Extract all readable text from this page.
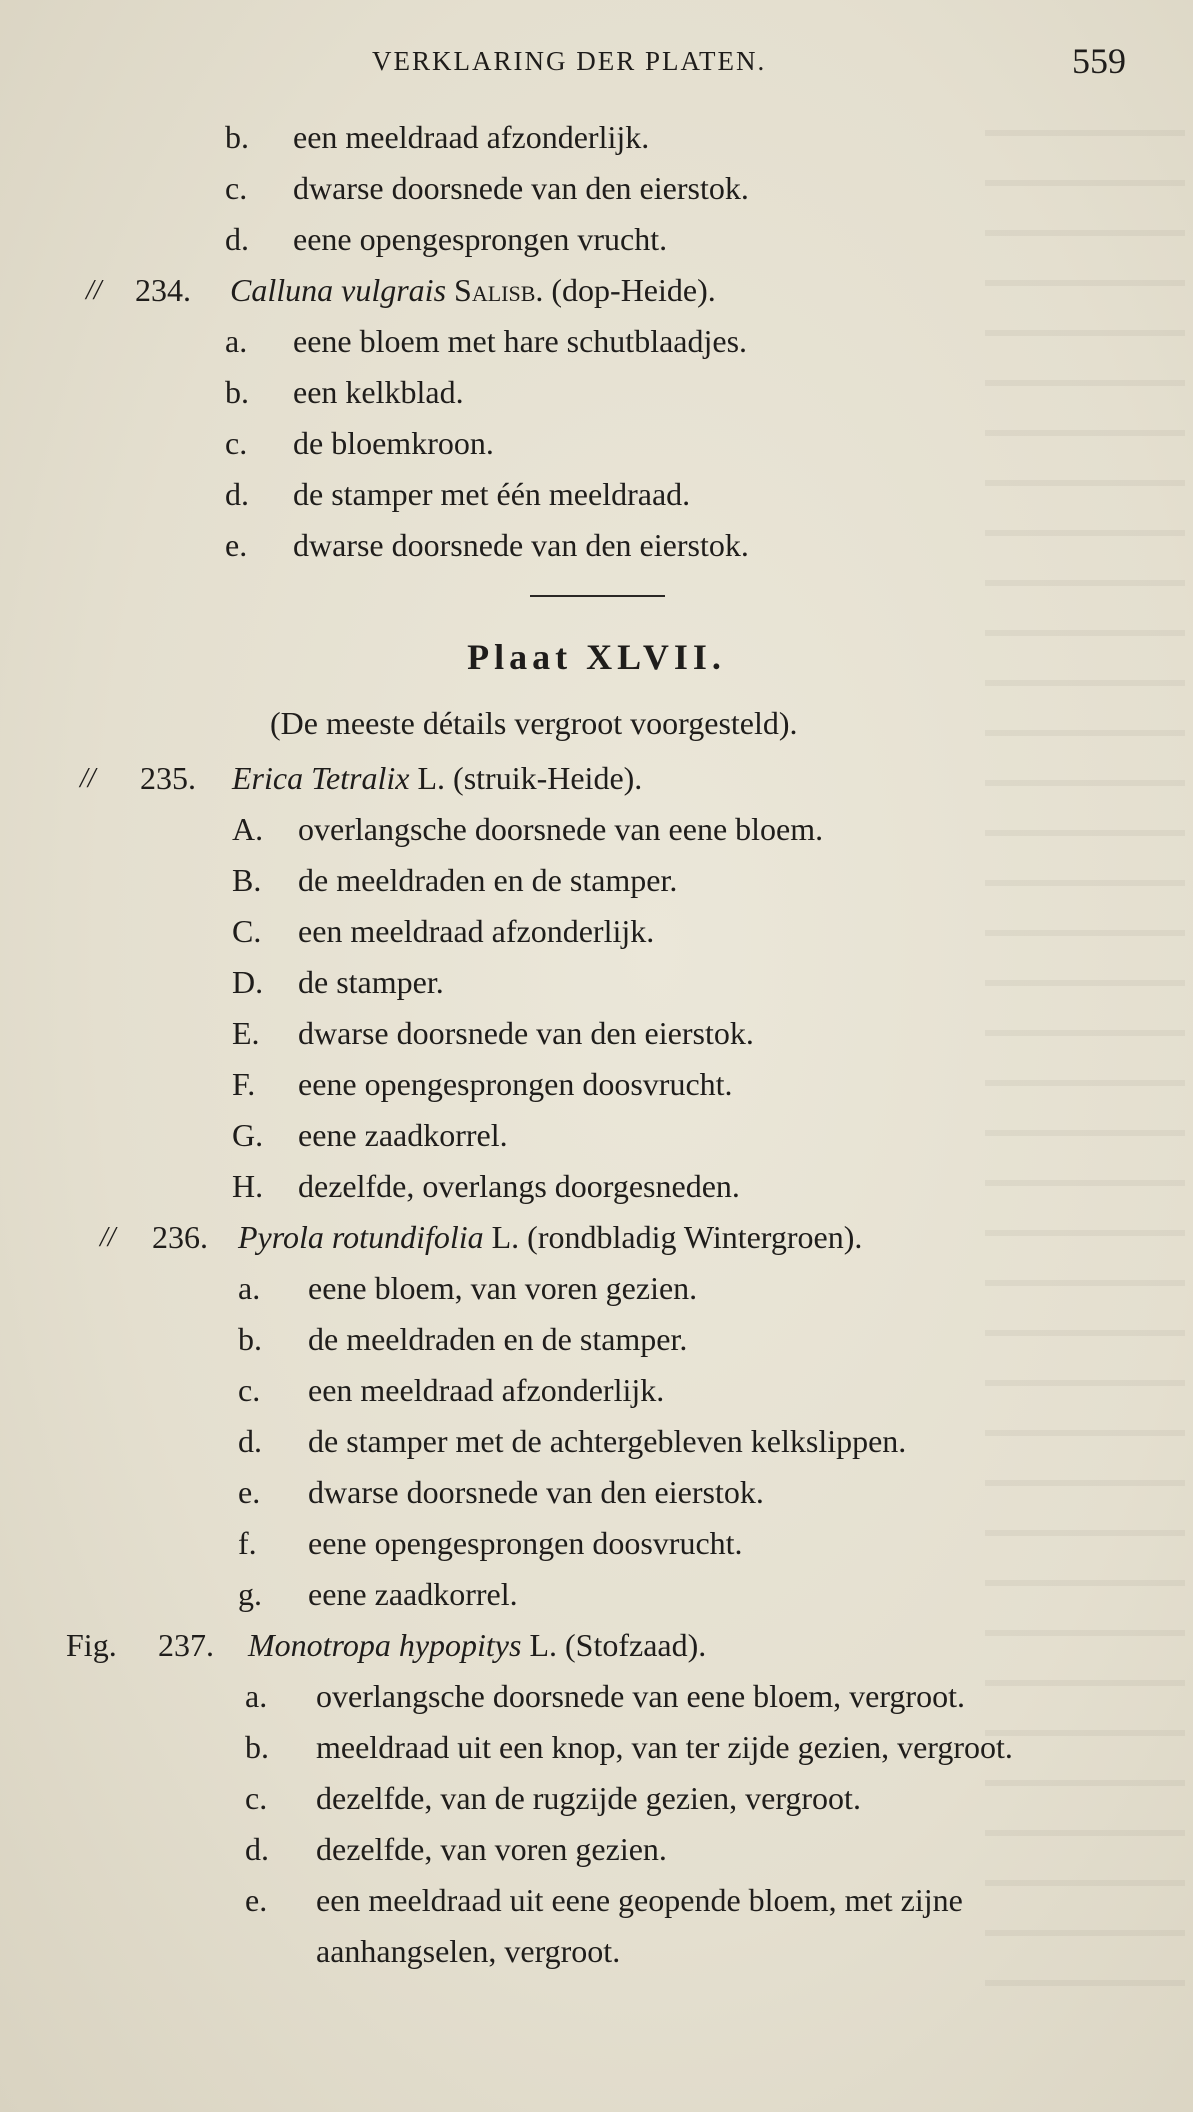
VERKLARING DER PLATEN.	559
b. een meeldraad afzonderlijk.
c. dwarse doorsnede van den eierstok.
d. eene opengesprongen vrucht.
// 234. Calluna vulgrais Salisb. (dop-Heide).
a. eene bloem met hare schutblaadjes.
b. een kelkblad.
c. de bloemkroon.
d. de stamper met één meeldraad.
e. dwarse doorsnede van den eierstok.
Plaat XLVII.
(De meeste détails vergroot voorgesteld).
// 235. Erica Tetralix L. (struik-Heide).
A. overlangsche doorsnede van eene bloem.
B. de meeldraden en de stamper.
C. een meeldraad afzonderlijk.
D. de stamper.
E. dwarse doorsnede van den eierstok.
F. eene opengesprongen doosvrucht.
G. eene zaadkorrel.
H. dezelfde, overlangs doorgesneden.
// 236. Pyrola rotundifolia L. (rondbladig Wintergroen).
a. eene bloem, van voren gezien.
b. de meeldraden en de stamper.
c. een meeldraad afzonderlijk.
d. de stamper met de achtergebleven kelkslippen.
e. dwarse doorsnede van den eierstok.
f. eene opengesprongen doosvrucht.
g. eene zaadkorrel.
Fig. 237. Monotropa hypopitys L. (Stofzaad).
a. overlangsche doorsnede van eene bloem, vergroot.
b. meeldraad uit een knop, van ter zijde gezien, vergroot.
c. dezelfde, van de rugzijde gezien, vergroot.
d. dezelfde, van voren gezien.
e. een meeldraad uit eene geopende bloem, met zijne
aanhangselen, vergroot.
